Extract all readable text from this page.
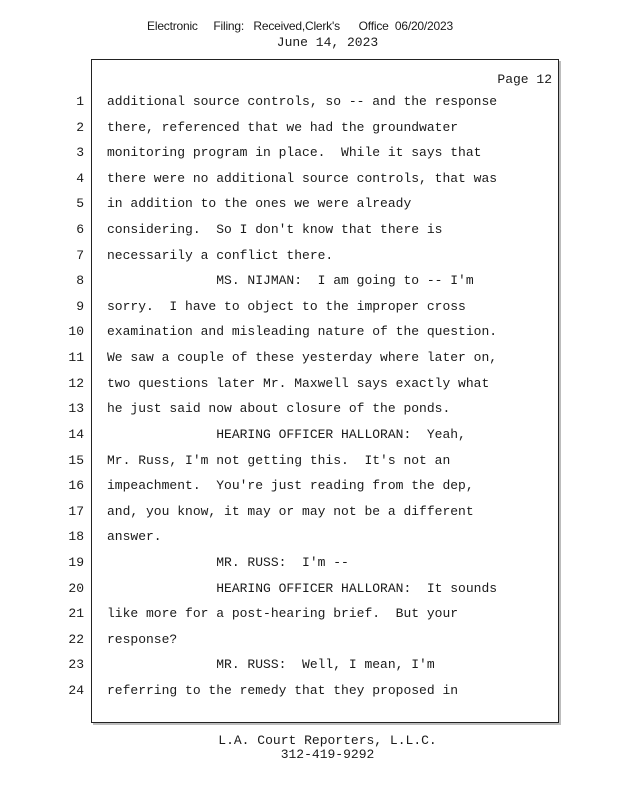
Electronic     Filing:   Received,Clerk's      Office  06/20/2023
June 14, 2023
Page 12
1 additional source controls, so -- and the response
2 there, referenced that we had the groundwater
3 monitoring program in place.  While it says that
4 there were no additional source controls, that was
5 in addition to the ones we were already
6 considering.  So I don't know that there is
7 necessarily a conflict there.
8 MS. NIJMAN:  I am going to -- I'm
9 sorry.  I have to object to the improper cross
10 examination and misleading nature of the question.
11 We saw a couple of these yesterday where later on,
12 two questions later Mr. Maxwell says exactly what
13 he just said now about closure of the ponds.
14 HEARING OFFICER HALLORAN:  Yeah,
15 Mr. Russ, I'm not getting this.  It's not an
16 impeachment.  You're just reading from the dep,
17 and, you know, it may or may not be a different
18 answer.
19 MR. RUSS:  I'm --
20 HEARING OFFICER HALLORAN:  It sounds
21 like more for a post-hearing brief.  But your
22 response?
23 MR. RUSS:  Well, I mean, I'm
24 referring to the remedy that they proposed in
L.A. Court Reporters, L.L.C.
312-419-9292
